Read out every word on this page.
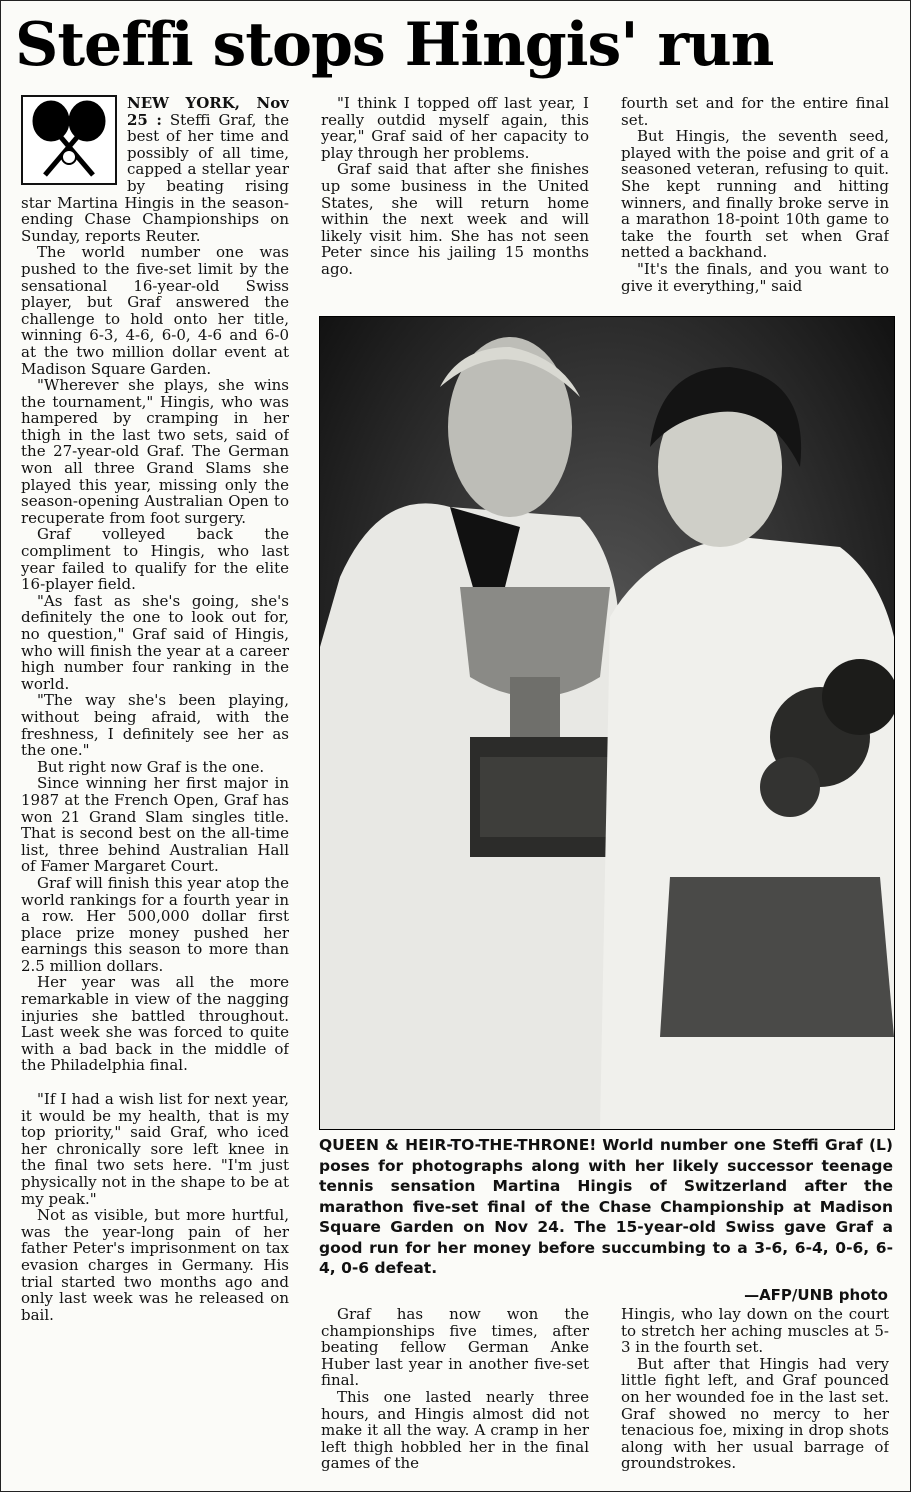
Steffi stops Hingis' run

NEW YORK, Nov 25 : Steffi Graf, the best of her time and possibly of all time, capped a stellar year by beating rising star Martina Hingis in the season-ending Chase Championships on Sunday, reports Reuter.

The world number one was pushed to the five-set limit by the sensational 16-year-old Swiss player, but Graf answered the challenge to hold onto her title, winning 6-3, 4-6, 6-0, 4-6 and 6-0 at the two million dollar event at Madison Square Garden.

"Wherever she plays, she wins the tournament," Hingis, who was hampered by cramping in her thigh in the last two sets, said of the 27-year-old Graf. The German won all three Grand Slams she played this year, missing only the season-opening Australian Open to recuperate from foot surgery.

Graf volleyed back the compliment to Hingis, who last year failed to qualify for the elite 16-player field.

"As fast as she's going, she's definitely the one to look out for, no question," Graf said of Hingis, who will finish the year at a career high number four ranking in the world.

"The way she's been playing, without being afraid, with the freshness, I definitely see her as the one."

But right now Graf is the one.

Since winning her first major in 1987 at the French Open, Graf has won 21 Grand Slam singles title. That is second best on the all-time list, three behind Australian Hall of Famer Margaret Court.

Graf will finish this year atop the world rankings for a fourth year in a row. Her 500,000 dollar first place prize money pushed her earnings this season to more than 2.5 million dollars.

Her year was all the more remarkable in view of the nagging injuries she battled throughout. Last week she was forced to quite with a bad back in the middle of the Philadelphia final.

"If I had a wish list for next year, it would be my health, that is my top priority," said Graf, who iced her chronically sore left knee in the final two sets here. "I'm just physically not in the shape to be at my peak."

Not as visible, but more hurtful, was the year-long pain of her father Peter's imprisonment on tax evasion charges in Germany. His trial started two months ago and only last week was he released on bail.

"I think I topped off last year, I really outdid myself again, this year," Graf said of her capacity to play through her problems.

Graf said that after she finishes up some business in the United States, she will return home within the next week and will likely visit him. She has not seen Peter since his jailing 15 months ago.

fourth set and for the entire final set.

But Hingis, the seventh seed, played with the poise and grit of a seasoned veteran, refusing to quit. She kept running and hitting winners, and finally broke serve in a marathon 18-point 10th game to take the fourth set when Graf netted a backhand.

"It's the finals, and you want to give it everything," said

QUEEN & HEIR-TO-THE-THRONE! World number one Steffi Graf (L) poses for photographs along with her likely successor teenage tennis sensation Martina Hingis of Switzerland after the marathon five-set final of the Chase Championship at Madison Square Garden on Nov 24. The 15-year-old Swiss gave Graf a good run for her money before succumbing to a 3-6, 6-4, 0-6, 6-4, 0-6 defeat.

—AFP/UNB photo

Graf has now won the championships five times, after beating fellow German Anke Huber last year in another five-set final.

This one lasted nearly three hours, and Hingis almost did not make it all the way. A cramp in her left thigh hobbled her in the final games of the

Hingis, who lay down on the court to stretch her aching muscles at 5-3 in the fourth set.

But after that Hingis had very little fight left, and Graf pounced on her wounded foe in the last set. Graf showed no mercy to her tenacious foe, mixing in drop shots along with her usual barrage of groundstrokes.
